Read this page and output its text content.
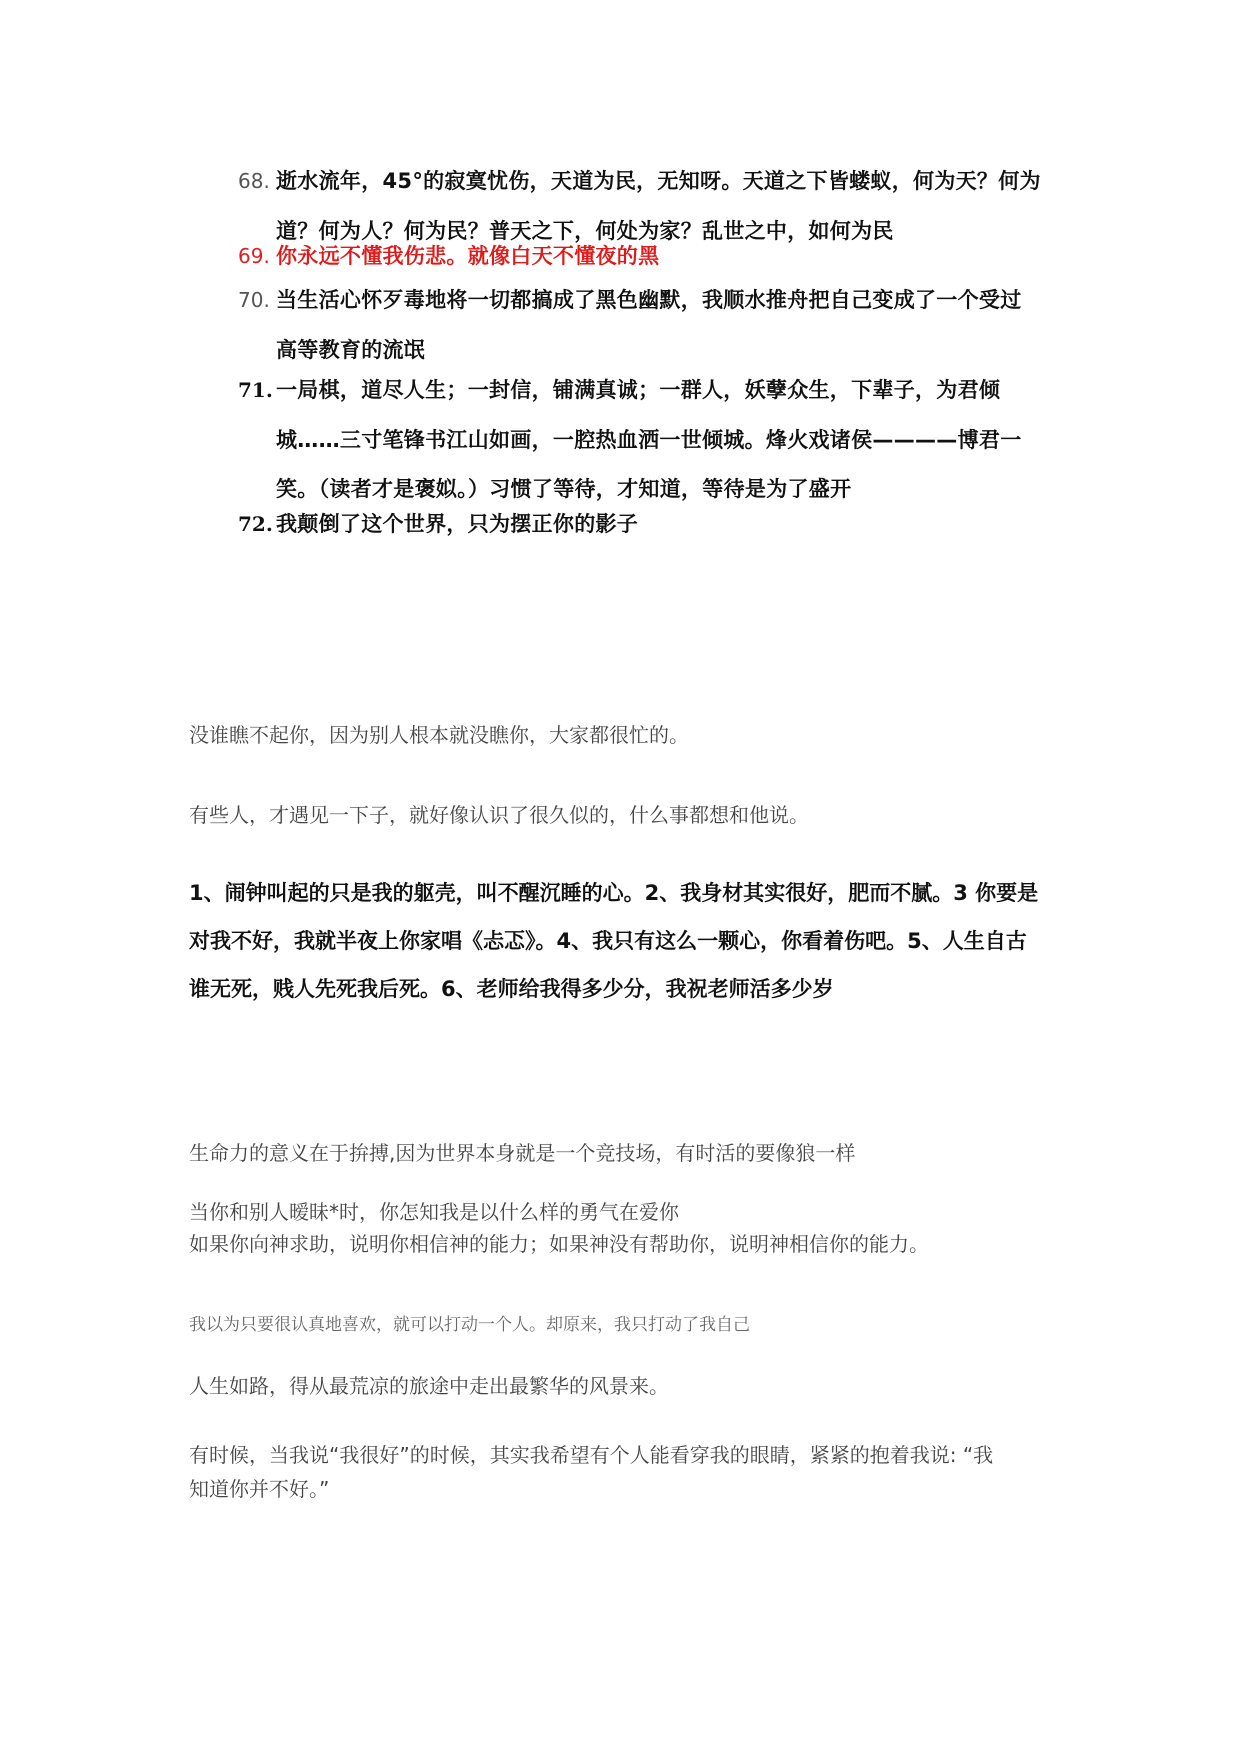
68. 逝水流年，45°的寂寞忧伤，天道为民，无知呀。天道之下皆蝼蚁，何为天？何为
道？何为人？何为民？普天之下，何处为家？乱世之中，如何为民
69. 你永远不懂我伤悲。就像白天不懂夜的黑
70. 当生活心怀歹毒地将一切都搞成了黑色幽默，我顺水推舟把自己变成了一个受过
高等教育的流氓
71. 一局棋，道尽人生；一封信，铺满真诚；一群人，妖孽众生，下辈子，为君倾
城……三寸笔锋书江山如画，一腔热血洒一世倾城。烽火戏诸侯————博君一
笑。（读者才是褒姒。）习惯了等待，才知道，等待是为了盛开
72. 我颠倒了这个世界，只为摆正你的影子
没谁瞧不起你，因为别人根本就没瞧你，大家都很忙的。
有些人，才遇见一下子，就好像认识了很久似的，什么事都想和他说。
1、闹钟叫起的只是我的躯壳，叫不醒沉睡的心。2、我身材其实很好，肥而不腻。3 你要是
对我不好，我就半夜上你家唱《忐忑》。4、我只有这么一颗心，你看着伤吧。5、人生自古
谁无死，贱人先死我后死。6、老师给我得多少分，我祝老师活多少岁
生命力的意义在于拚搏,因为世界本身就是一个竞技场，有时活的要像狼一样
当你和别人暧昧*时，你怎知我是以什么样的勇气在爱你
如果你向神求助，说明你相信神的能力；如果神没有帮助你，说明神相信你的能力。
我以为只要很认真地喜欢，就可以打动一个人。却原来，我只打动了我自己
人生如路，得从最荒凉的旅途中走出最繁华的风景来。
有时候，当我说“我很好”的时候，其实我希望有个人能看穿我的眼睛，紧紧的抱着我说: “我
知道你并不好。”
